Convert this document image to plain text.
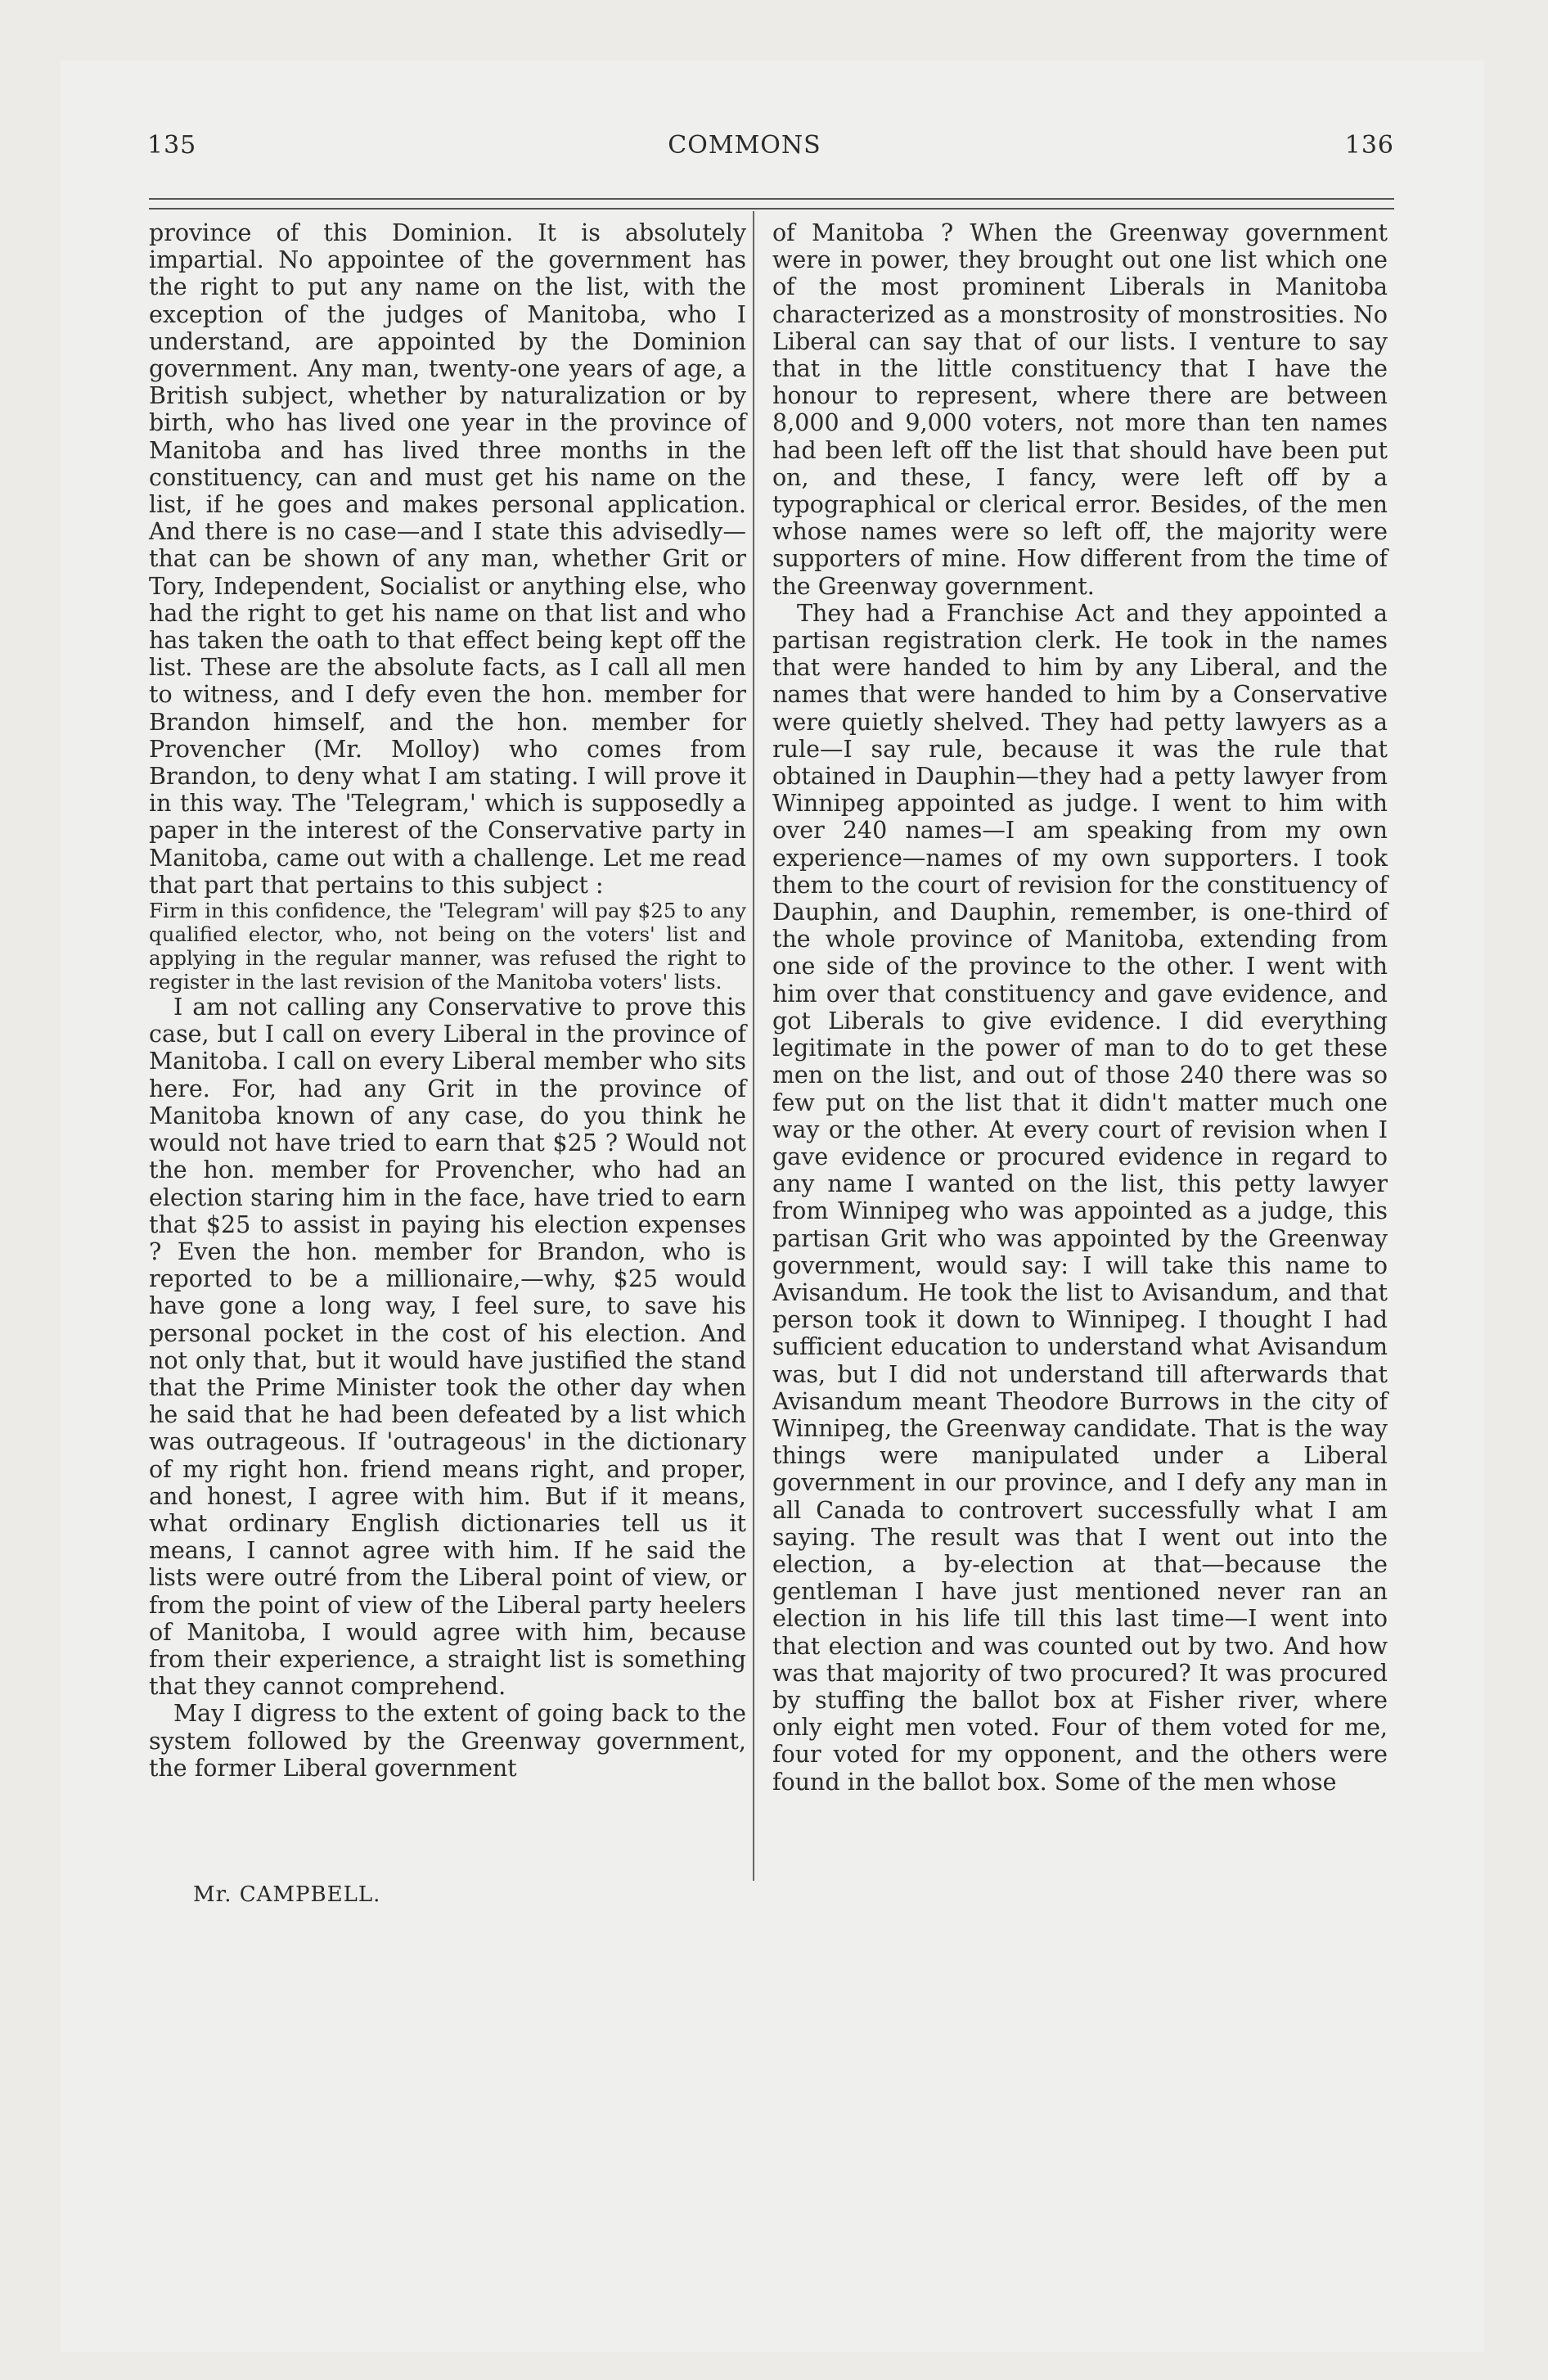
135	COMMONS	136

province of this Dominion. It is absolutely impartial. No appointee of the government has the right to put any name on the list, with the exception of the judges of Manitoba, who I understand, are appointed by the Dominion government. Any man, twenty-one years of age, a British subject, whether by naturalization or by birth, who has lived one year in the province of Manitoba and has lived three months in the constituency, can and must get his name on the list, if he goes and makes personal application. And there is no case—and I state this advisedly—that can be shown of any man, whether Grit or Tory, Independent, Socialist or anything else, who had the right to get his name on that list and who has taken the oath to that effect being kept off the list. These are the absolute facts, as I call all men to witness, and I defy even the hon. member for Brandon himself, and the hon. member for Provencher (Mr. Molloy) who comes from Brandon, to deny what I am stating. I will prove it in this way. The 'Telegram,' which is supposedly a paper in the interest of the Conservative party in Manitoba, came out with a challenge. Let me read that part that pertains to this subject :

Firm in this confidence, the 'Telegram' will pay $25 to any qualified elector, who, not being on the voters' list and applying in the regular manner, was refused the right to register in the last revision of the Manitoba voters' lists.

I am not calling any Conservative to prove this case, but I call on every Liberal in the province of Manitoba. I call on every Liberal member who sits here. For, had any Grit in the province of Manitoba known of any case, do you think he would not have tried to earn that $25 ? Would not the hon. member for Provencher, who had an election staring him in the face, have tried to earn that $25 to assist in paying his election expenses ? Even the hon. member for Brandon, who is reported to be a millionaire,—why, $25 would have gone a long way, I feel sure, to save his personal pocket in the cost of his election. And not only that, but it would have justified the stand that the Prime Minister took the other day when he said that he had been defeated by a list which was outrageous. If 'outrageous' in the dictionary of my right hon. friend means right, and proper, and honest, I agree with him. But if it means, what ordinary English dictionaries tell us it means, I cannot agree with him. If he said the lists were outré from the Liberal point of view, or from the point of view of the Liberal party heelers of Manitoba, I would agree with him, because from their experience, a straight list is something that they cannot comprehend.

May I digress to the extent of going back to the system followed by the Greenway government, the former Liberal government

of Manitoba ? When the Greenway government were in power, they brought out one list which one of the most prominent Liberals in Manitoba characterized as a monstrosity of monstrosities. No Liberal can say that of our lists. I venture to say that in the little constituency that I have the honour to represent, where there are between 8,000 and 9,000 voters, not more than ten names had been left off the list that should have been put on, and these, I fancy, were left off by a typographical or clerical error. Besides, of the men whose names were so left off, the majority were supporters of mine. How different from the time of the Greenway government.

They had a Franchise Act and they appointed a partisan registration clerk. He took in the names that were handed to him by any Liberal, and the names that were handed to him by a Conservative were quietly shelved. They had petty lawyers as a rule—I say rule, because it was the rule that obtained in Dauphin—they had a petty lawyer from Winnipeg appointed as judge. I went to him with over 240 names—I am speaking from my own experience—names of my own supporters. I took them to the court of revision for the constituency of Dauphin, and Dauphin, remember, is one-third of the whole province of Manitoba, extending from one side of the province to the other. I went with him over that constituency and gave evidence, and got Liberals to give evidence. I did everything legitimate in the power of man to do to get these men on the list, and out of those 240 there was so few put on the list that it didn't matter much one way or the other. At every court of revision when I gave evidence or procured evidence in regard to any name I wanted on the list, this petty lawyer from Winnipeg who was appointed as a judge, this partisan Grit who was appointed by the Greenway government, would say: I will take this name to Avisandum. He took the list to Avisandum, and that person took it down to Winnipeg. I thought I had sufficient education to understand what Avisandum was, but I did not understand till afterwards that Avisandum meant Theodore Burrows in the city of Winnipeg, the Greenway candidate. That is the way things were manipulated under a Liberal government in our province, and I defy any man in all Canada to controvert successfully what I am saying. The result was that I went out into the election, a by-election at that—because the gentleman I have just mentioned never ran an election in his life till this last time—I went into that election and was counted out by two. And how was that majority of two procured? It was procured by stuffing the ballot box at Fisher river, where only eight men voted. Four of them voted for me, four voted for my opponent, and the others were found in the ballot box. Some of the men whose

Mr. CAMPBELL.
